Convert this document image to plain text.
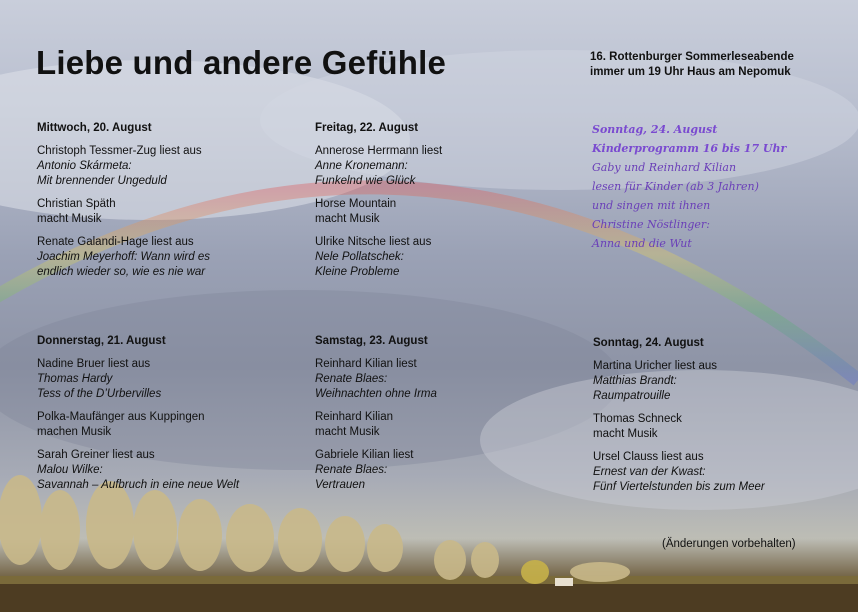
Liebe und andere Gefühle	16. Rottenburger Sommerleseabende
immer um 19 Uhr Haus am Nepomuk
Mittwoch, 20. August
Christoph Tessmer-Zug liest aus
Antonio Skármeta:
Mit brennender Ungeduld
Christian Späth
macht Musik
Renate Galandi-Hage liest aus
Joachim Meyerhoff: Wann wird es
endlich wieder so, wie es nie war
Freitag, 22. August
Annerose Herrmann liest
Anne Kronemann:
Funkelnd wie Glück
Horse Mountain
macht Musik
Ulrike Nitsche liest aus
Nele Pollatschek:
Kleine Probleme
Donnerstag, 21. August
Nadine Bruer liest aus
Thomas Hardy
Tess of the D’Urbervilles
Polka-Maufänger aus Kuppingen
machen Musik
Sarah Greiner liest aus
Malou Wilke:
Savannah – Aufbruch in eine neue Welt
Samstag, 23. August
Reinhard Kilian liest
Renate Blaes:
Weihnachten ohne Irma
Reinhard Kilian
macht Musik
Gabriele Kilian liest
Renate Blaes:
Vertrauen
Sonntag, 24. August
Martina Uricher liest aus
Matthias Brandt:
Raumpatrouille
Thomas Schneck
macht Musik
Ursel Clauss liest aus
Ernest van der Kwast:
Fünf Viertelstunden bis zum Meer
Sonntag, 24. August
Kinderprogramm 16 bis 17 Uhr
Gaby und Reinhard Kilian
lesen für Kinder (ab 3 Jahren)
und singen mit ihnen
Christine Nöstlinger:
Anna und die Wut
(Änderungen vorbehalten)
